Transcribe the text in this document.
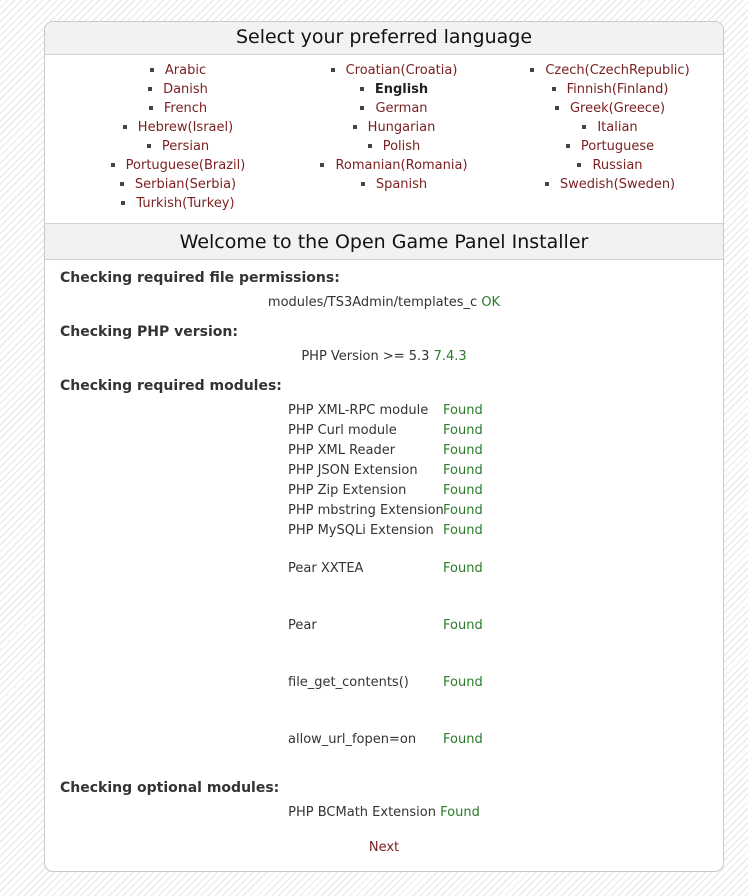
Select your preferred language
Arabic
Danish
French
Hebrew(Israel)
Persian
Portuguese(Brazil)
Serbian(Serbia)
Turkish(Turkey)
Croatian(Croatia)
English
German
Hungarian
Polish
Romanian(Romania)
Spanish
Czech(CzechRepublic)
Finnish(Finland)
Greek(Greece)
Italian
Portuguese
Russian
Swedish(Sweden)
Welcome to the Open Game Panel Installer
Checking required file permissions:
modules/TS3Admin/templates_c OK
Checking PHP version:
PHP Version >= 5.3 7.4.3
Checking required modules:
PHP XML-RPC module Found
PHP Curl module	Found
PHP XML Reader	Found
PHP JSON Extension Found
PHP Zip Extension	Found
PHP mbstring Extension Found
PHP MySQLi Extension Found
Pear XXTEA	Found
Pear	Found
file_get_contents()	Found
allow_url_fopen=on Found
Checking optional modules:
PHP BCMath Extension Found
Next
